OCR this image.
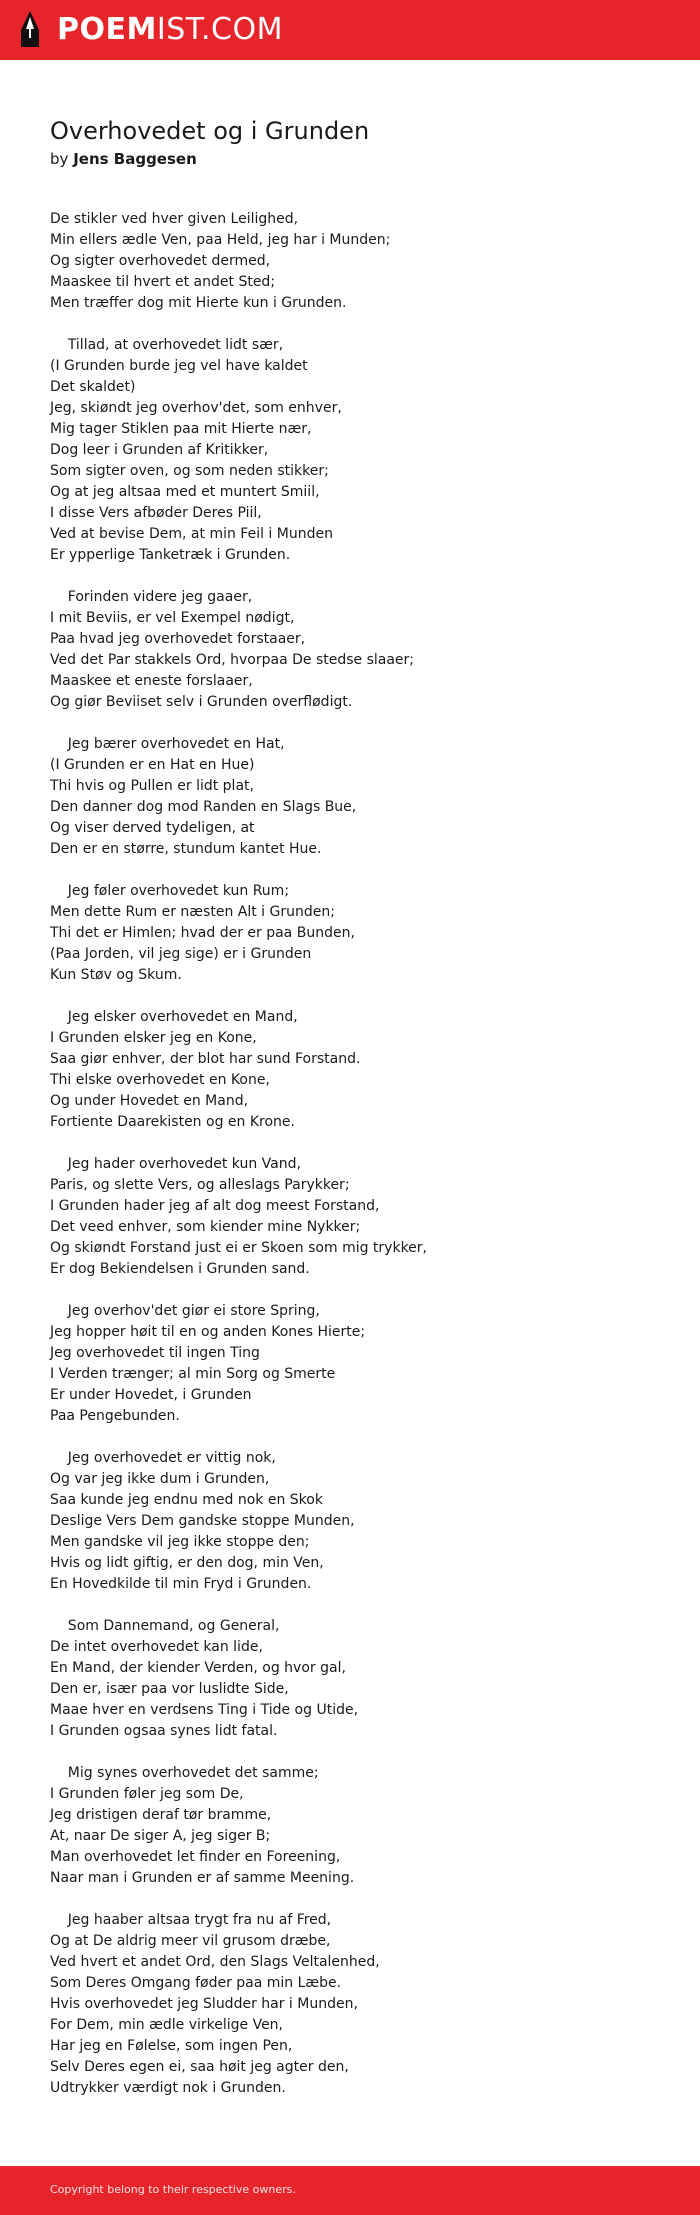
POEMIST.COM
Overhovedet og i Grunden
by Jens Baggesen
De stikler ved hver given Leilighed,
Min ellers ædle Ven, paa Held, jeg har i Munden;
Og sigter overhovedet dermed,
Maaskee til hvert et andet Sted;
Men træffer dog mit Hierte kun i Grunden.

Tillad, at overhovedet lidt sær,
(I Grunden burde jeg vel have kaldet
Det skaldet)
Jeg, skiøndt jeg overhov'det, som enhver,
Mig tager Stiklen paa mit Hierte nær,
Dog leer i Grunden af Kritikker,
Som sigter oven, og som neden stikker;
Og at jeg altsaa med et muntert Smiil,
I disse Vers afbøder Deres Piil,
Ved at bevise Dem, at min Feil i Munden
Er ypperlige Tanketræk i Grunden.

Forinden videre jeg gaaer,
I mit Beviis, er vel Exempel nødigt,
Paa hvad jeg overhovedet forstaaer,
Ved det Par stakkels Ord, hvorpaa De stedse slaaer;
Maaskee et eneste forslaaer,
Og giør Beviiset selv i Grunden overflødigt.

Jeg bærer overhovedet en Hat,
(I Grunden er en Hat en Hue)
Thi hvis og Pullen er lidt plat,
Den danner dog mod Randen en Slags Bue,
Og viser derved tydeligen, at
Den er en større, stundum kantet Hue.

Jeg føler overhovedet kun Rum;
Men dette Rum er næsten Alt i Grunden;
Thi det er Himlen; hvad der er paa Bunden,
(Paa Jorden, vil jeg sige) er i Grunden
Kun Støv og Skum.

Jeg elsker overhovedet en Mand,
I Grunden elsker jeg en Kone,
Saa giør enhver, der blot har sund Forstand.
Thi elske overhovedet en Kone,
Og under Hovedet en Mand,
Fortiente Daarekisten og en Krone.

Jeg hader overhovedet kun Vand,
Paris, og slette Vers, og alleslags Parykker;
I Grunden hader jeg af alt dog meest Forstand,
Det veed enhver, som kiender mine Nykker;
Og skiøndt Forstand just ei er Skoen som mig trykker,
Er dog Bekiendelsen i Grunden sand.

Jeg overhov'det giør ei store Spring,
Jeg hopper høit til en og anden Kones Hierte;
Jeg overhovedet til ingen Ting
I Verden trænger; al min Sorg og Smerte
Er under Hovedet, i Grunden
Paa Pengebunden.

Jeg overhovedet er vittig nok,
Og var jeg ikke dum i Grunden,
Saa kunde jeg endnu med nok en Skok
Deslige Vers Dem gandske stoppe Munden,
Men gandske vil jeg ikke stoppe den;
Hvis og lidt giftig, er den dog, min Ven,
En Hovedkilde til min Fryd i Grunden.

Som Dannemand, og General,
De intet overhovedet kan lide,
En Mand, der kiender Verden, og hvor gal,
Den er, især paa vor luslidte Side,
Maae hver en verdsens Ting i Tide og Utide,
I Grunden ogsaa synes lidt fatal.

Mig synes overhovedet det samme;
I Grunden føler jeg som De,
Jeg dristigen deraf tør bramme,
At, naar De siger A, jeg siger B;
Man overhovedet let finder en Foreening,
Naar man i Grunden er af samme Meening.

Jeg haaber altsaa trygt fra nu af Fred,
Og at De aldrig meer vil grusom dræbe,
Ved hvert et andet Ord, den Slags Veltalenhed,
Som Deres Omgang føder paa min Læbe.
Hvis overhovedet jeg Sludder har i Munden,
For Dem, min ædle virkelige Ven,
Har jeg en Følelse, som ingen Pen,
Selv Deres egen ei, saa høit jeg agter den,
Udtrykker værdigt nok i Grunden.
Copyright belong to their respective owners.
